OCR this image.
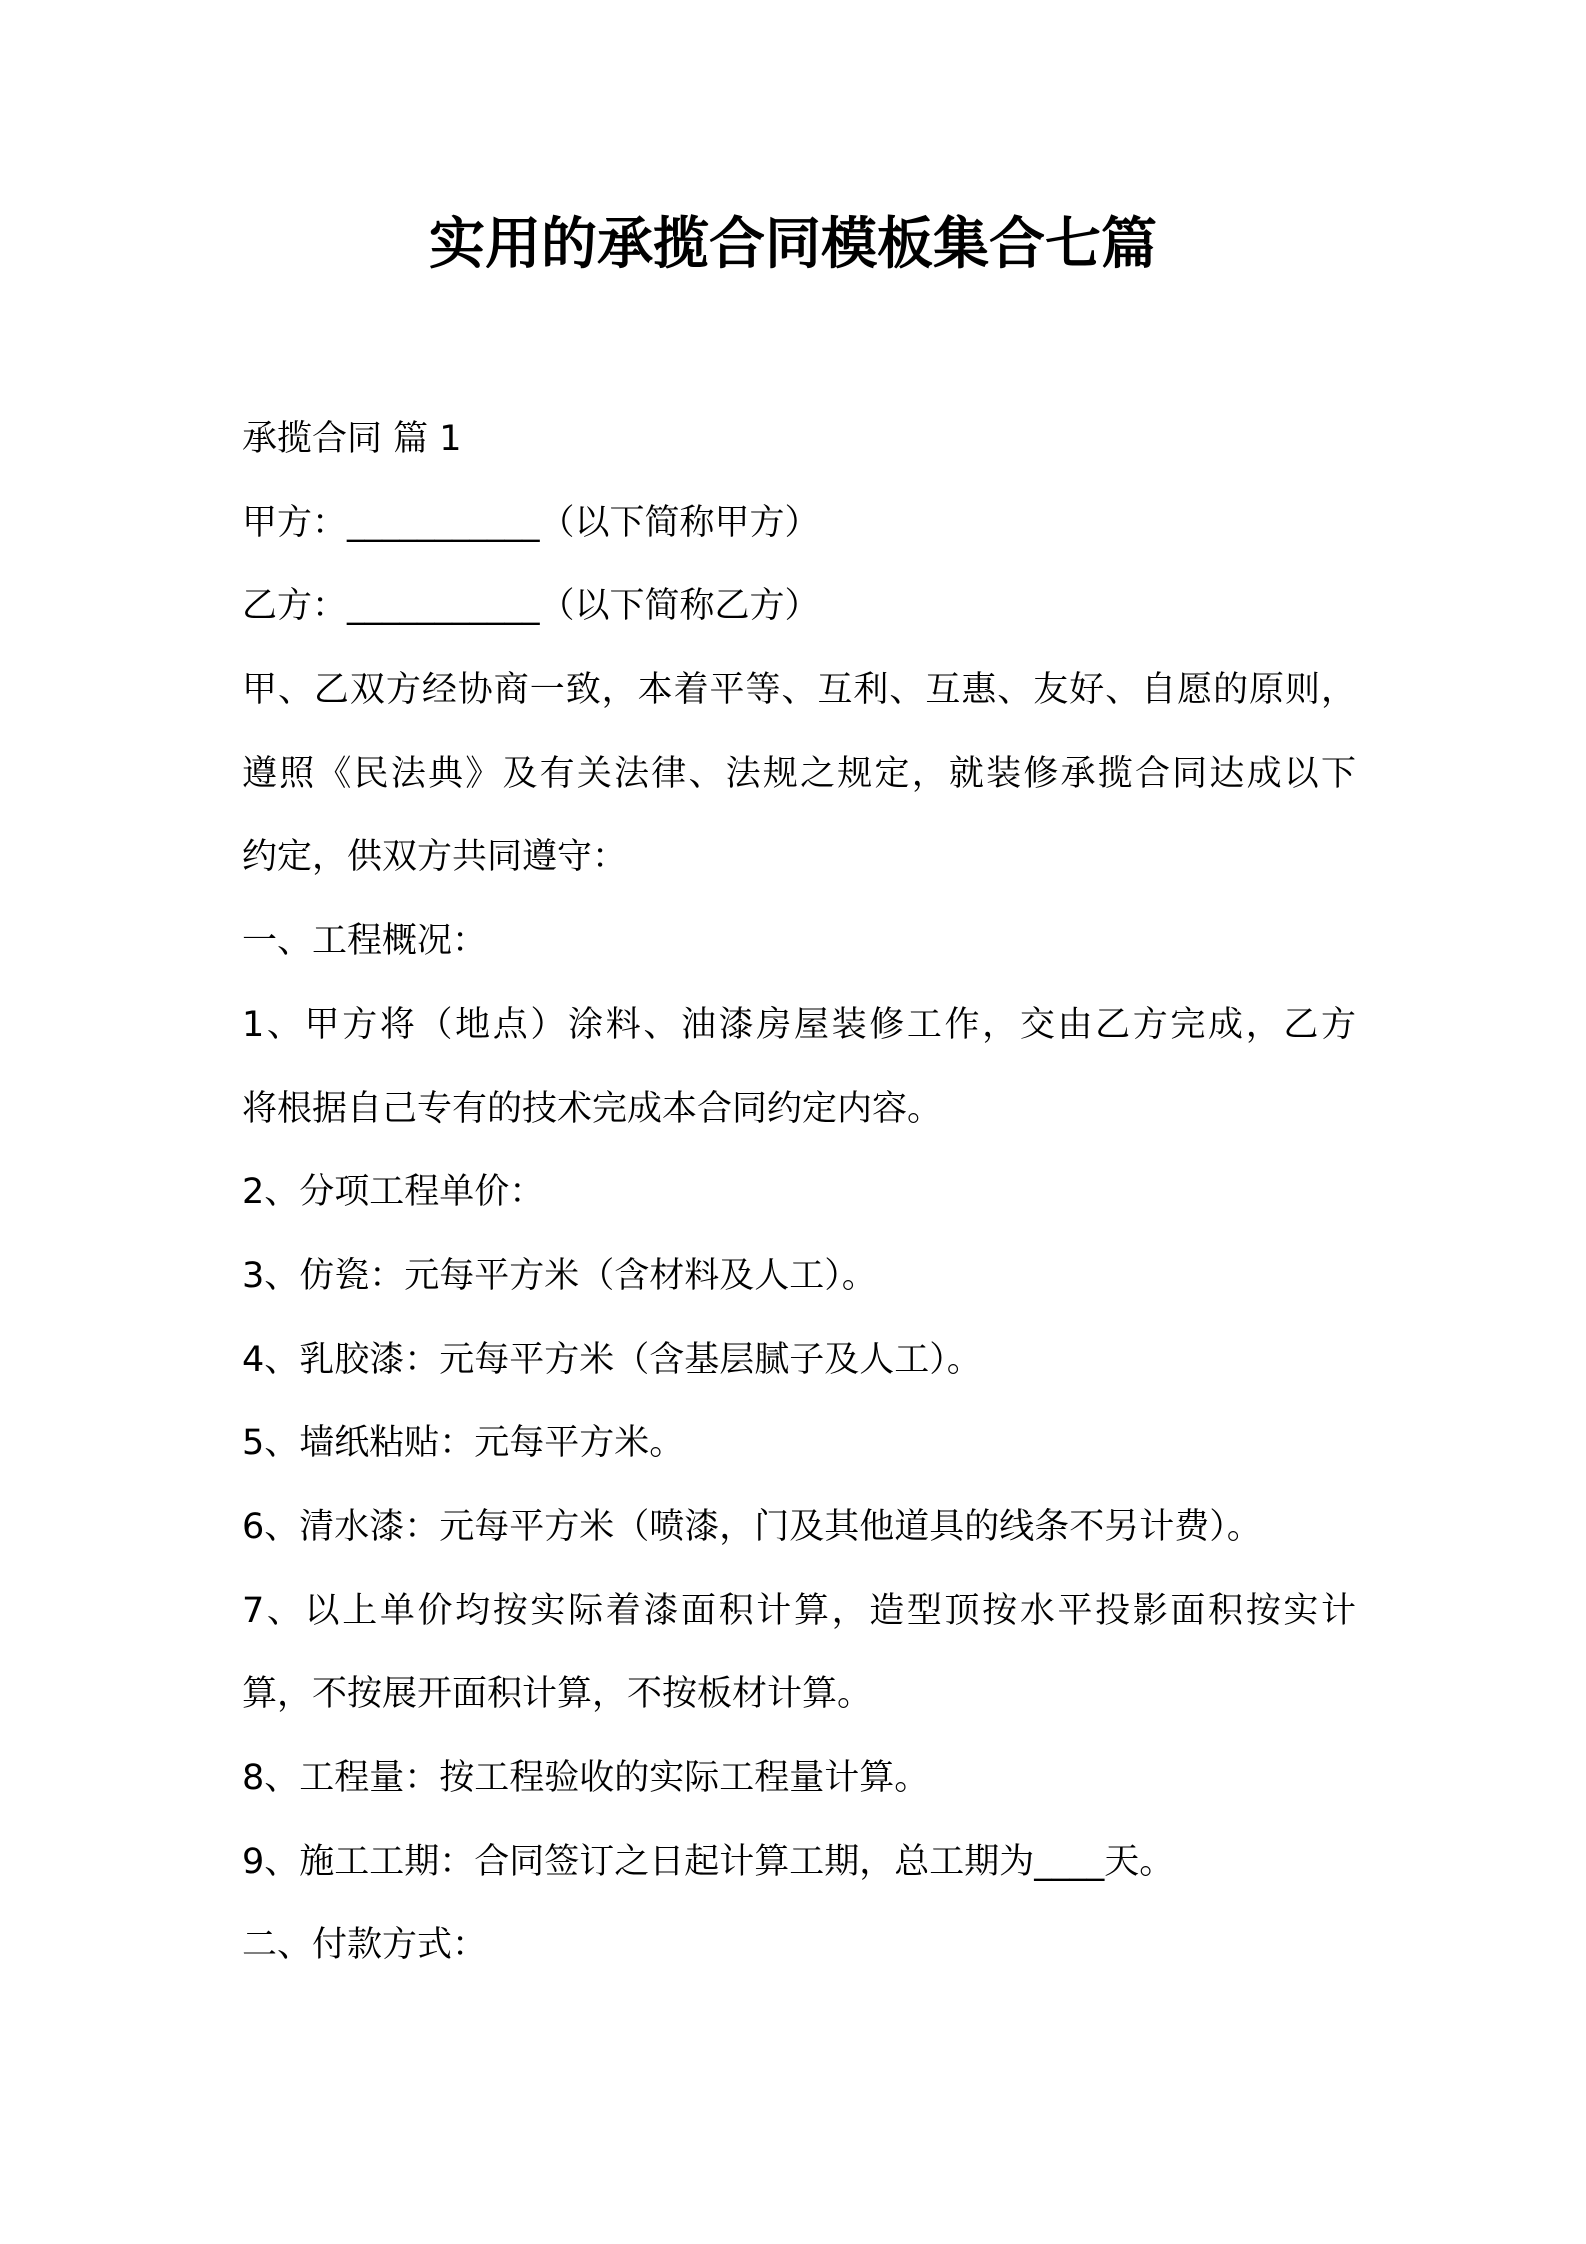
实用的承揽合同模板集合七篇
承揽合同 篇 1
甲方：___________（以下简称甲方）
乙方：___________（以下简称乙方）
甲、乙双方经协商一致，本着平等、互利、互惠、友好、自愿的原则，
遵照《民法典》及有关法律、法规之规定，就装修承揽合同达成以下
约定，供双方共同遵守：
一、工程概况：
1、甲方将（地点）涂料、油漆房屋装修工作，交由乙方完成，乙方
将根据自己专有的技术完成本合同约定内容。
2、分项工程单价：
3、仿瓷：元每平方米（含材料及人工）。
4、乳胶漆：元每平方米（含基层腻子及人工）。
5、墙纸粘贴：元每平方米。
6、清水漆：元每平方米（喷漆，门及其他道具的线条不另计费）。
7、以上单价均按实际着漆面积计算，造型顶按水平投影面积按实计
算，不按展开面积计算，不按板材计算。
8、工程量：按工程验收的实际工程量计算。
9、施工工期：合同签订之日起计算工期，总工期为____天。
二、付款方式：
